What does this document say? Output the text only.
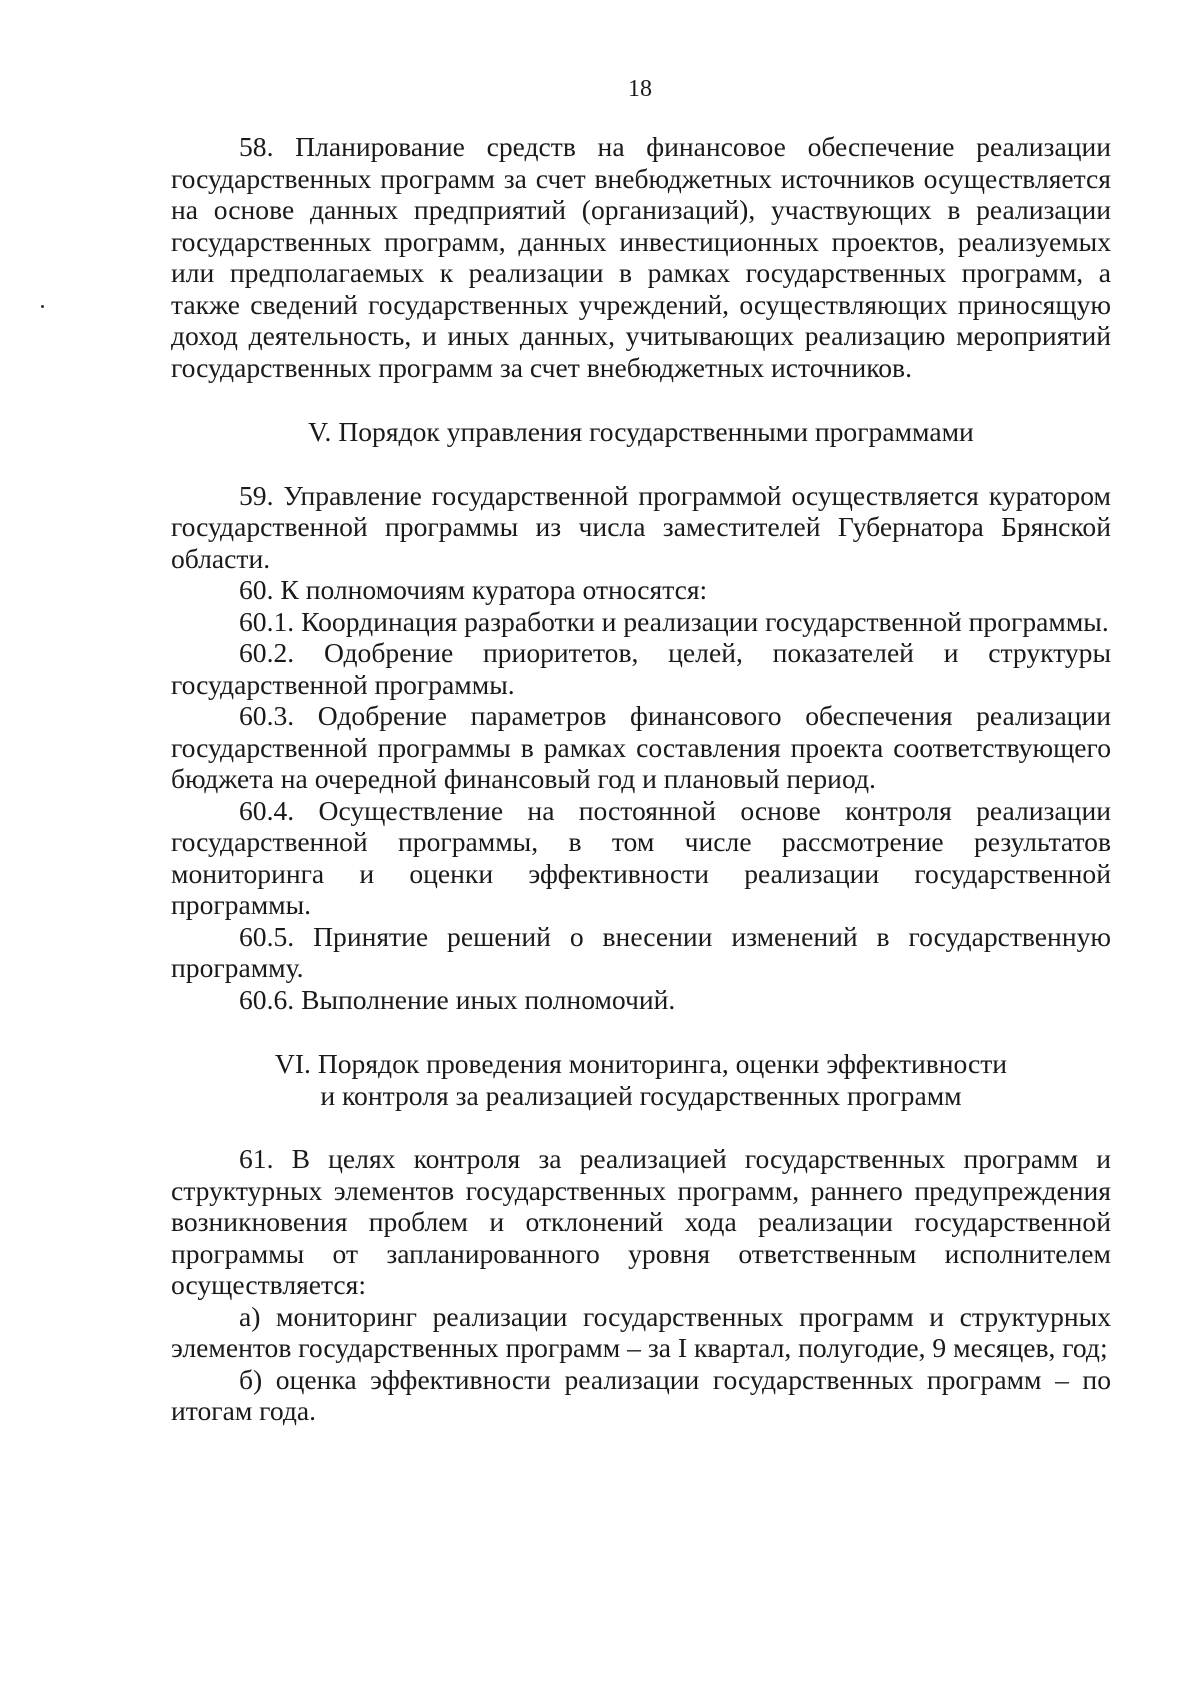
18

58. Планирование средств на финансовое обеспечение реализации государственных программ за счет внебюджетных источников осуществляется на основе данных предприятий (организаций), участвующих в реализации государственных программ, данных инвестиционных проектов, реализуемых или предполагаемых к реализации в рамках государственных программ, а также сведений государственных учреждений, осуществляющих приносящую доход деятельность, и иных данных, учитывающих реализацию мероприятий государственных программ за счет внебюджетных источников.

V. Порядок управления государственными программами

59. Управление государственной программой осуществляется куратором государственной программы из числа заместителей Губернатора Брянской области.

60. К полномочиям куратора относятся:

60.1. Координация разработки и реализации государственной программы.

60.2. Одобрение приоритетов, целей, показателей и структуры государственной программы.

60.3. Одобрение параметров финансового обеспечения реализации государственной программы в рамках составления проекта соответствующего бюджета на очередной финансовый год и плановый период.

60.4. Осуществление на постоянной основе контроля реализации государственной программы, в том числе рассмотрение результатов мониторинга и оценки эффективности реализации государственной программы.

60.5. Принятие решений о внесении изменений в государственную программу.

60.6. Выполнение иных полномочий.

VI. Порядок проведения мониторинга, оценки эффективности
и контроля за реализацией государственных программ

61. В целях контроля за реализацией государственных программ и структурных элементов государственных программ, раннего предупреждения возникновения проблем и отклонений хода реализации государственной программы от запланированного уровня ответственным исполнителем осуществляется:

а) мониторинг реализации государственных программ и структурных элементов государственных программ – за I квартал, полугодие, 9 месяцев, год;

б) оценка эффективности реализации государственных программ – по итогам года.
